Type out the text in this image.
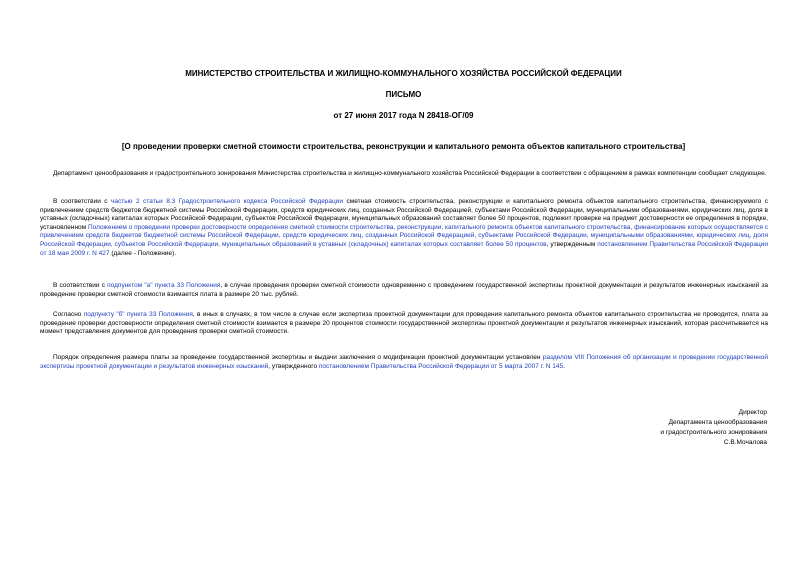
МИНИСТЕРСТВО СТРОИТЕЛЬСТВА И ЖИЛИЩНО-КОММУНАЛЬНОГО ХОЗЯЙСТВА РОССИЙСКОЙ ФЕДЕРАЦИИ
ПИСЬМО
от 27 июня 2017 года N 28418-ОГ/09
[О проведении проверки сметной стоимости строительства, реконструкции и капитального ремонта объектов капитального строительства]

Департамент ценообразования и градостроительного зонирования Министерства строительства и жилищно-коммунального хозяйства Российской Федерации в соответствии с обращением в рамках компетенции сообщает следующее.

В соответствии с частью 2 статьи 8.3 Градостроительного кодекса Российской Федерации сметная стоимость строительства, реконструкции и капитального ремонта объектов капитального строительства, финансируемого с привлечением средств бюджетов бюджетной системы Российской Федерации, средств юридических лиц, созданных Российской Федерацией, субъектами Российской Федерации, муниципальными образованиями, юридических лиц, доля в уставных (складочных) капиталах которых Российской Федерации, субъектов Российской Федерации, муниципальных образований составляет более 50 процентов, подлежит проверке на предмет достоверности ее определения в порядке, установленном Положением о проведении проверки достоверности определения сметной стоимости строительства, реконструкции, капитального ремонта объектов капитального строительства, финансирование которых осуществляется с привлечением средств бюджетов бюджетной системы Российской Федерации, средств юридических лиц, созданных Российской Федерацией, субъектами Российской Федерации, муниципальными образованиями, юридических лиц, доля Российской Федерации, субъектов Российской Федерации, муниципальных образований в уставных (складочных) капиталах которых составляет более 50 процентов, утвержденным постановлением Правительства Российской Федерации от 18 мая 2009 г. N 427 (далее - Положение).

В соответствии с подпунктом "а" пункта 33 Положения, в случае проведения проверки сметной стоимости одновременно с проведением государственной экспертизы проектной документации и результатов инженерных изысканий за проведение проверки сметной стоимости взимается плата в размере 20 тыс. рублей.

Согласно подпункту "б" пункта 33 Положения, в иных в случаях, в том числе в случае если экспертиза проектной документации для проведения капитального ремонта объектов капитального строительства не проводится, плата за проведение проверки достоверности определения сметной стоимости взимается в размере 20 процентов стоимости государственной экспертизы проектной документации и результатов инженерных изысканий, которая рассчитывается на момент представления документов для проведения проверки сметной стоимости.

Порядок определения размера платы за проведение государственной экспертизы и выдачи заключения о модификации проектной документации установлен разделом VIII Положения об организации и проведении государственной экспертизы проектной документации и результатов инженерных изысканий, утвержденного постановлением Правительства Российской Федерации от 5 марта 2007 г. N 145.

Директор
Департамента ценообразования
и градостроительного зонирования
С.В.Мочалова
